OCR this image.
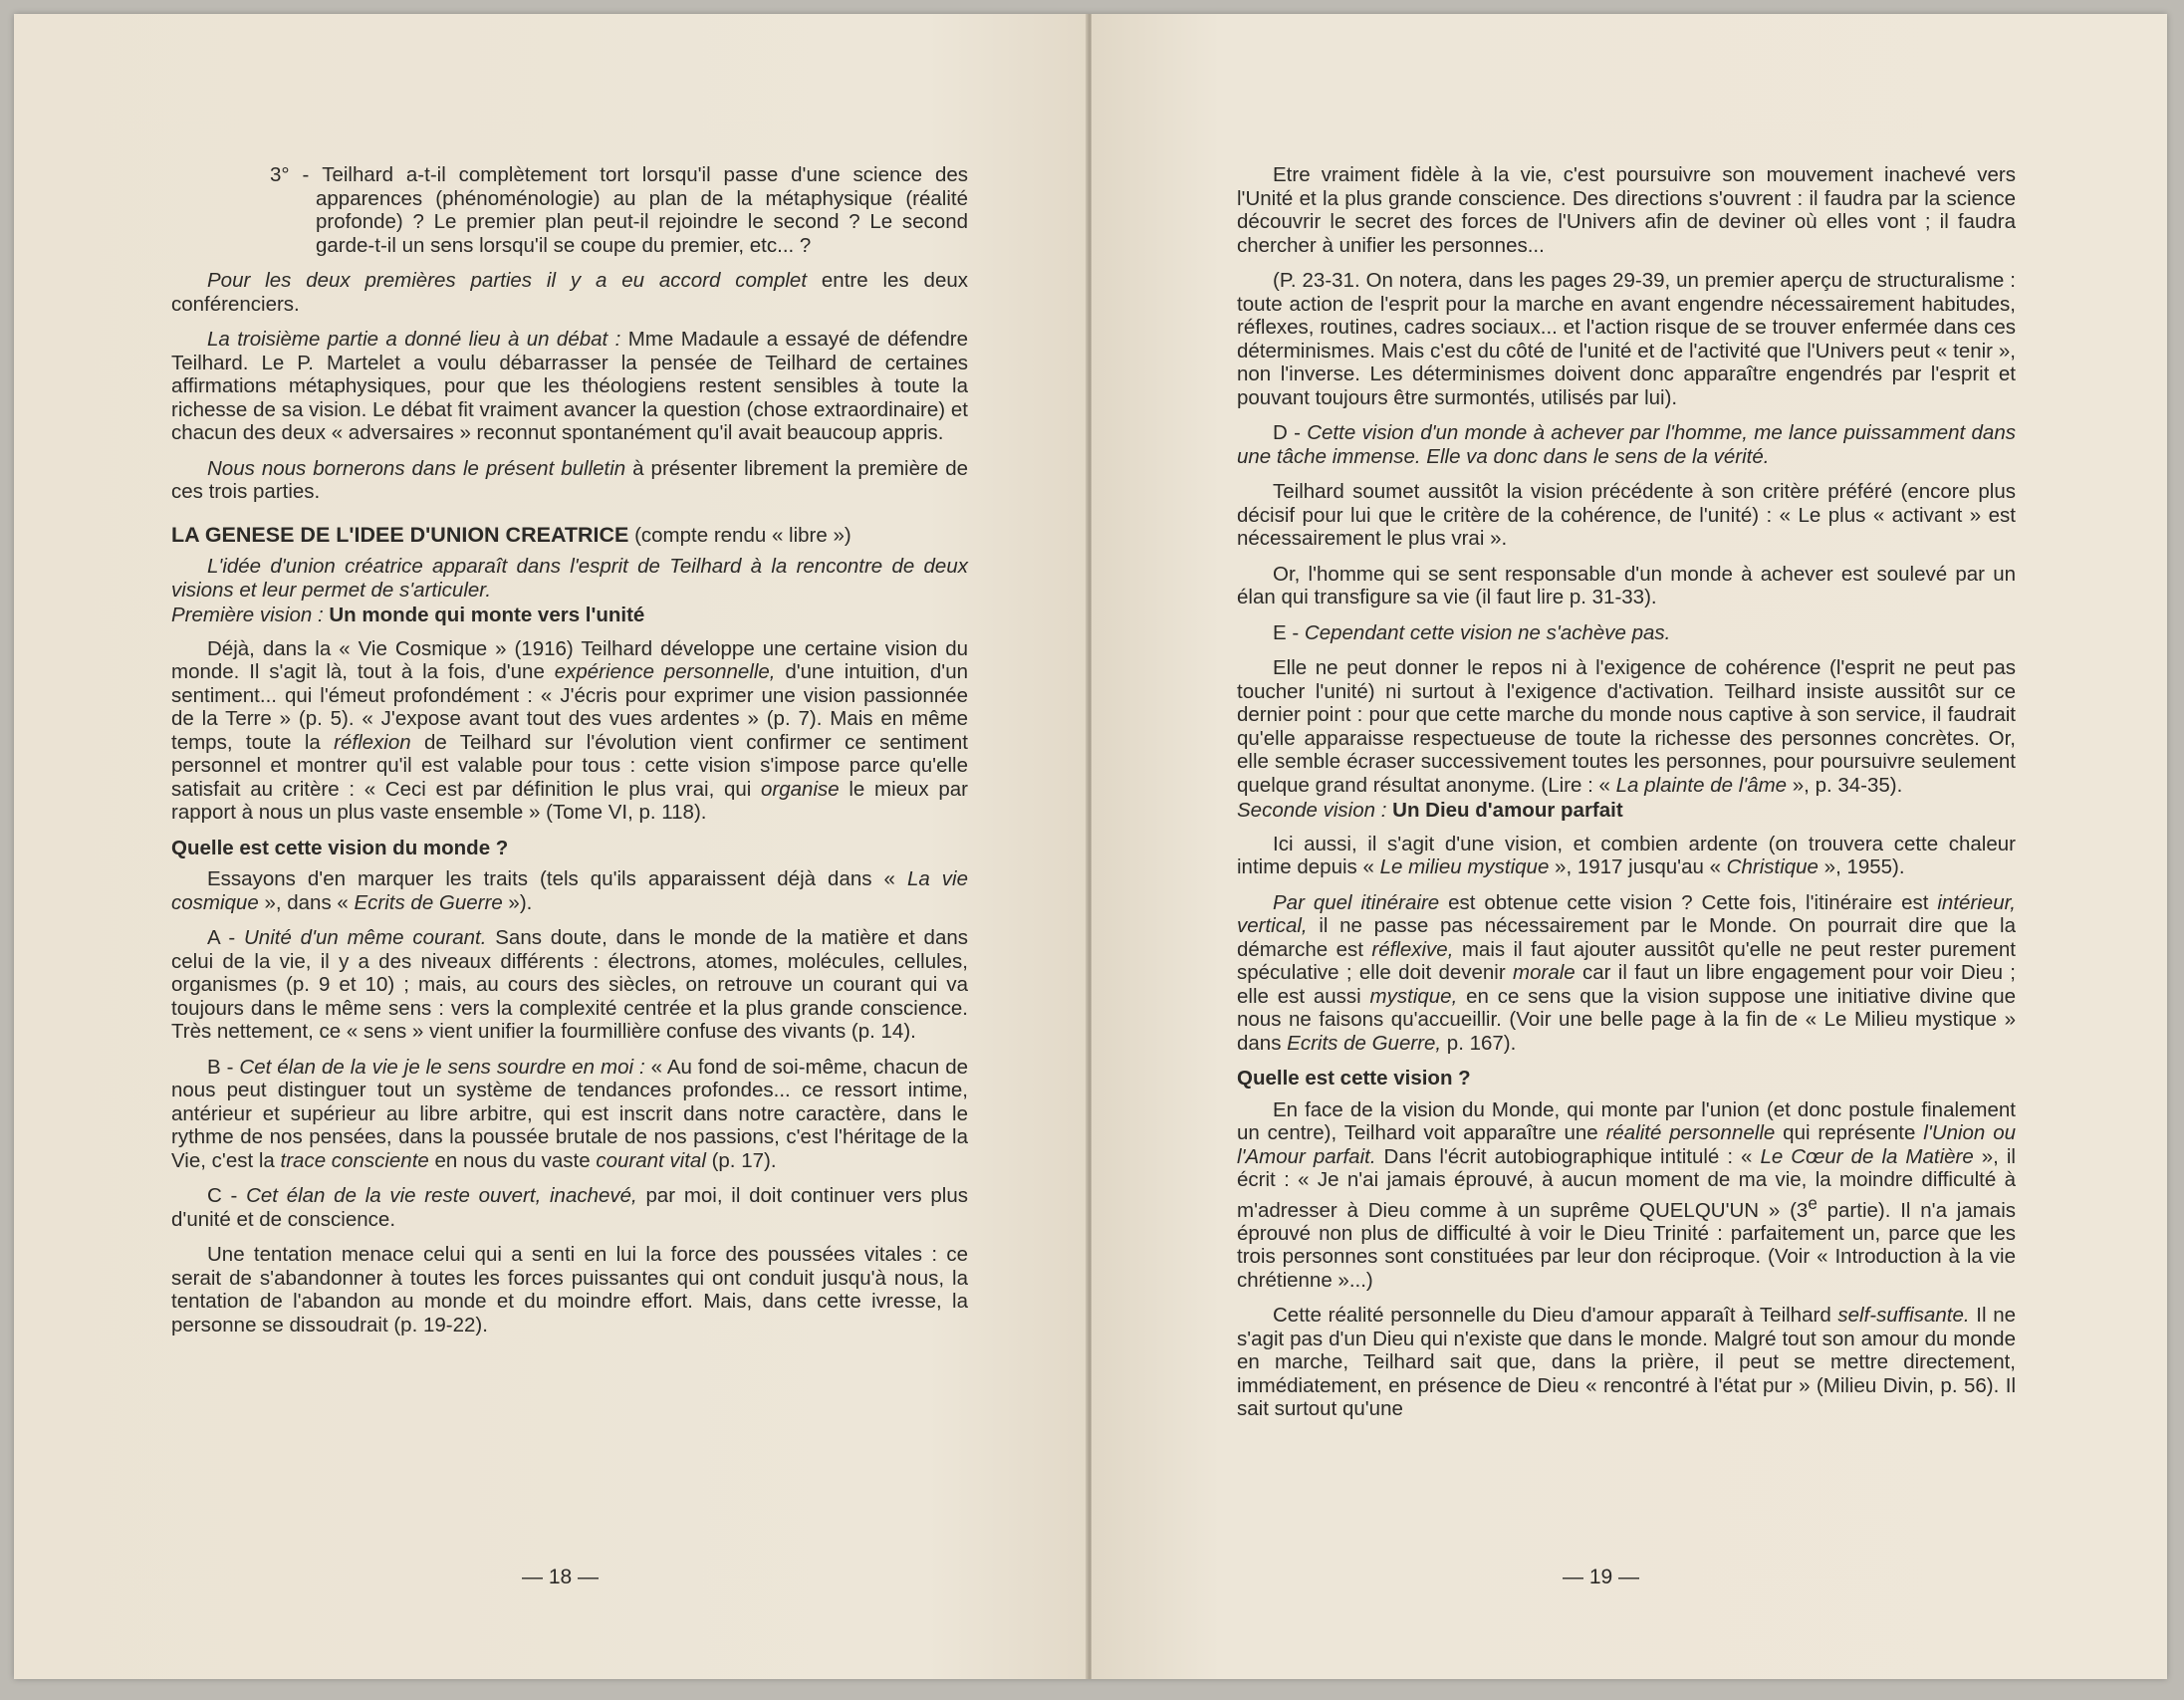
3° - Teilhard a-t-il complètement tort lorsqu'il passe d'une science des apparences (phénoménologie) au plan de la métaphysique (réalité profonde) ? Le premier plan peut-il rejoindre le second ? Le second garde-t-il un sens lorsqu'il se coupe du premier, etc... ?

Pour les deux premières parties il y a eu accord complet entre les deux conférenciers.

La troisième partie a donné lieu à un débat : Mme Madaule a essayé de défendre Teilhard. Le P. Martelet a voulu débarrasser la pensée de Teilhard de certaines affirmations métaphysiques, pour que les théologiens restent sensibles à toute la richesse de sa vision. Le débat fit vraiment avancer la question (chose extraordinaire) et chacun des deux « adversaires » reconnut spontanément qu'il avait beaucoup appris.

Nous nous bornerons dans le présent bulletin à présenter librement la première de ces trois parties.

LA GENESE DE L'IDEE D'UNION CREATRICE (compte rendu « libre »)

L'idée d'union créatrice apparaît dans l'esprit de Teilhard à la rencontre de deux visions et leur permet de s'articuler.

Première vision : Un monde qui monte vers l'unité

Déjà, dans la « Vie Cosmique » (1916) Teilhard développe une certaine vision du monde. Il s'agit là, tout à la fois, d'une expérience personnelle, d'une intuition, d'un sentiment... qui l'émeut profondément : « J'écris pour exprimer une vision passionnée de la Terre » (p. 5). « J'expose avant tout des vues ardentes » (p. 7). Mais en même temps, toute la réflexion de Teilhard sur l'évolution vient confirmer ce sentiment personnel et montrer qu'il est valable pour tous : cette vision s'impose parce qu'elle satisfait au critère : « Ceci est par définition le plus vrai, qui organise le mieux par rapport à nous un plus vaste ensemble » (Tome VI, p. 118).

Quelle est cette vision du monde ?

Essayons d'en marquer les traits (tels qu'ils apparaissent déjà dans « La vie cosmique », dans « Ecrits de Guerre »).

A - Unité d'un même courant. Sans doute, dans le monde de la matière et dans celui de la vie, il y a des niveaux différents : électrons, atomes, molécules, cellules, organismes (p. 9 et 10) ; mais, au cours des siècles, on retrouve un courant qui va toujours dans le même sens : vers la complexité centrée et la plus grande conscience. Très nettement, ce « sens » vient unifier la fourmillière confuse des vivants (p. 14).

B - Cet élan de la vie je le sens sourdre en moi : « Au fond de soi-même, chacun de nous peut distinguer tout un système de tendances profondes... ce ressort intime, antérieur et supérieur au libre arbitre, qui est inscrit dans notre caractère, dans le rythme de nos pensées, dans la poussée brutale de nos passions, c'est l'héritage de la Vie, c'est la trace consciente en nous du vaste courant vital (p. 17).

C - Cet élan de la vie reste ouvert, inachevé, par moi, il doit continuer vers plus d'unité et de conscience.

Une tentation menace celui qui a senti en lui la force des poussées vitales : ce serait de s'abandonner à toutes les forces puissantes qui ont conduit jusqu'à nous, la tentation de l'abandon au monde et du moindre effort. Mais, dans cette ivresse, la personne se dissoudrait (p. 19-22).

— 18 —

Etre vraiment fidèle à la vie, c'est poursuivre son mouvement inachevé vers l'Unité et la plus grande conscience. Des directions s'ouvrent : il faudra par la science découvrir le secret des forces de l'Univers afin de deviner où elles vont ; il faudra chercher à unifier les personnes...

(P. 23-31. On notera, dans les pages 29-39, un premier aperçu de structuralisme : toute action de l'esprit pour la marche en avant engendre nécessairement habitudes, réflexes, routines, cadres sociaux... et l'action risque de se trouver enfermée dans ces déterminismes. Mais c'est du côté de l'unité et de l'activité que l'Univers peut « tenir », non l'inverse. Les déterminismes doivent donc apparaître engendrés par l'esprit et pouvant toujours être surmontés, utilisés par lui).

D - Cette vision d'un monde à achever par l'homme, me lance puissamment dans une tâche immense. Elle va donc dans le sens de la vérité.

Teilhard soumet aussitôt la vision précédente à son critère préféré (encore plus décisif pour lui que le critère de la cohérence, de l'unité) : « Le plus « activant » est nécessairement le plus vrai ».

Or, l'homme qui se sent responsable d'un monde à achever est soulevé par un élan qui transfigure sa vie (il faut lire p. 31-33).

E - Cependant cette vision ne s'achève pas.

Elle ne peut donner le repos ni à l'exigence de cohérence (l'esprit ne peut pas toucher l'unité) ni surtout à l'exigence d'activation. Teilhard insiste aussitôt sur ce dernier point : pour que cette marche du monde nous captive à son service, il faudrait qu'elle apparaisse respectueuse de toute la richesse des personnes concrètes. Or, elle semble écraser successivement toutes les personnes, pour poursuivre seulement quelque grand résultat anonyme. (Lire : « La plainte de l'âme », p. 34-35).

Seconde vision : Un Dieu d'amour parfait

Ici aussi, il s'agit d'une vision, et combien ardente (on trouvera cette chaleur intime depuis « Le milieu mystique », 1917 jusqu'au « Christique », 1955).

Par quel itinéraire est obtenue cette vision ? Cette fois, l'itinéraire est intérieur, vertical, il ne passe pas nécessairement par le Monde. On pourrait dire que la démarche est réflexive, mais il faut ajouter aussitôt qu'elle ne peut rester purement spéculative ; elle doit devenir morale car il faut un libre engagement pour voir Dieu ; elle est aussi mystique, en ce sens que la vision suppose une initiative divine que nous ne faisons qu'accueillir. (Voir une belle page à la fin de « Le Milieu mystique » dans Ecrits de Guerre, p. 167).

Quelle est cette vision ?

En face de la vision du Monde, qui monte par l'union (et donc postule finalement un centre), Teilhard voit apparaître une réalité personnelle qui représente l'Union ou l'Amour parfait. Dans l'écrit autobiographique intitulé : « Le Cœur de la Matière », il écrit : « Je n'ai jamais éprouvé, à aucun moment de ma vie, la moindre difficulté à m'adresser à Dieu comme à un suprême QUELQU'UN » (3e partie). Il n'a jamais éprouvé non plus de difficulté à voir le Dieu Trinité : parfaitement un, parce que les trois personnes sont constituées par leur don réciproque. (Voir « Introduction à la vie chrétienne »...)

Cette réalité personnelle du Dieu d'amour apparaît à Teilhard self-suffisante. Il ne s'agit pas d'un Dieu qui n'existe que dans le monde. Malgré tout son amour du monde en marche, Teilhard sait que, dans la prière, il peut se mettre directement, immédiatement, en présence de Dieu « rencontré à l'état pur » (Milieu Divin, p. 56). Il sait surtout qu'une

— 19 —
